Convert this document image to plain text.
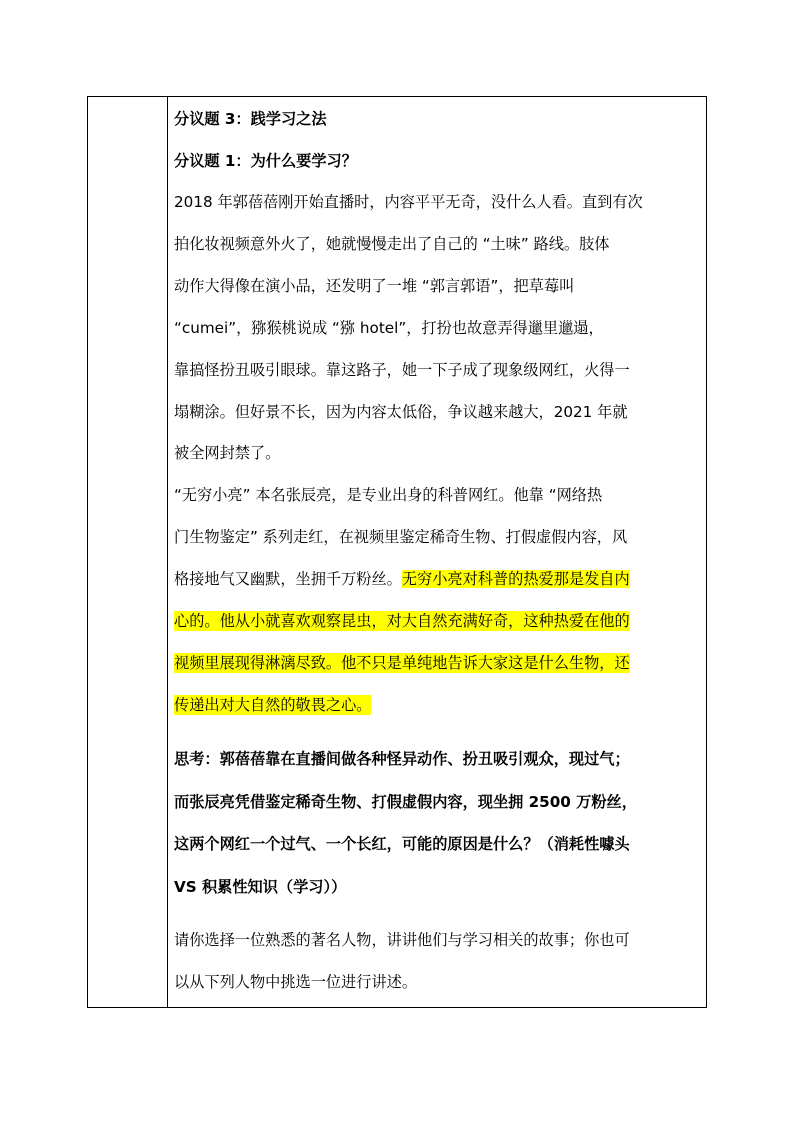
分议题 3：践学习之法
分议题 1：为什么要学习？
2018 年郭蓓蓓刚开始直播时，内容平平无奇，没什么人看。直到有次
拍化妆视频意外火了，她就慢慢走出了自己的 “土味” 路线。肢体
动作大得像在演小品，还发明了一堆 “郭言郭语”，把草莓叫
“cumei”，猕猴桃说成 “猕 hotel”，打扮也故意弄得邋里邋遢，
靠搞怪扮丑吸引眼球。靠这路子，她一下子成了现象级网红，火得一
塌糊涂。但好景不长，因为内容太低俗，争议越来越大，2021 年就
被全网封禁了。
“无穷小亮” 本名张辰亮，是专业出身的科普网红。他靠 “网络热
门生物鉴定” 系列走红，在视频里鉴定稀奇生物、打假虚假内容，风
格接地气又幽默，坐拥千万粉丝。无穷小亮对科普的热爱那是发自内
心的。他从小就喜欢观察昆虫，对大自然充满好奇，这种热爱在他的
视频里展现得淋漓尽致。他不只是单纯地告诉大家这是什么生物，还
传递出对大自然的敬畏之心。
思考：郭蓓蓓靠在直播间做各种怪异动作、扮丑吸引观众，现过气；
而张辰亮凭借鉴定稀奇生物、打假虚假内容，现坐拥 2500 万粉丝，
这两个网红一个过气、一个长红，可能的原因是什么？（消耗性噱头
VS 积累性知识（学习））
请你选择一位熟悉的著名人物，讲讲他们与学习相关的故事；你也可
以从下列人物中挑选一位进行讲述。
